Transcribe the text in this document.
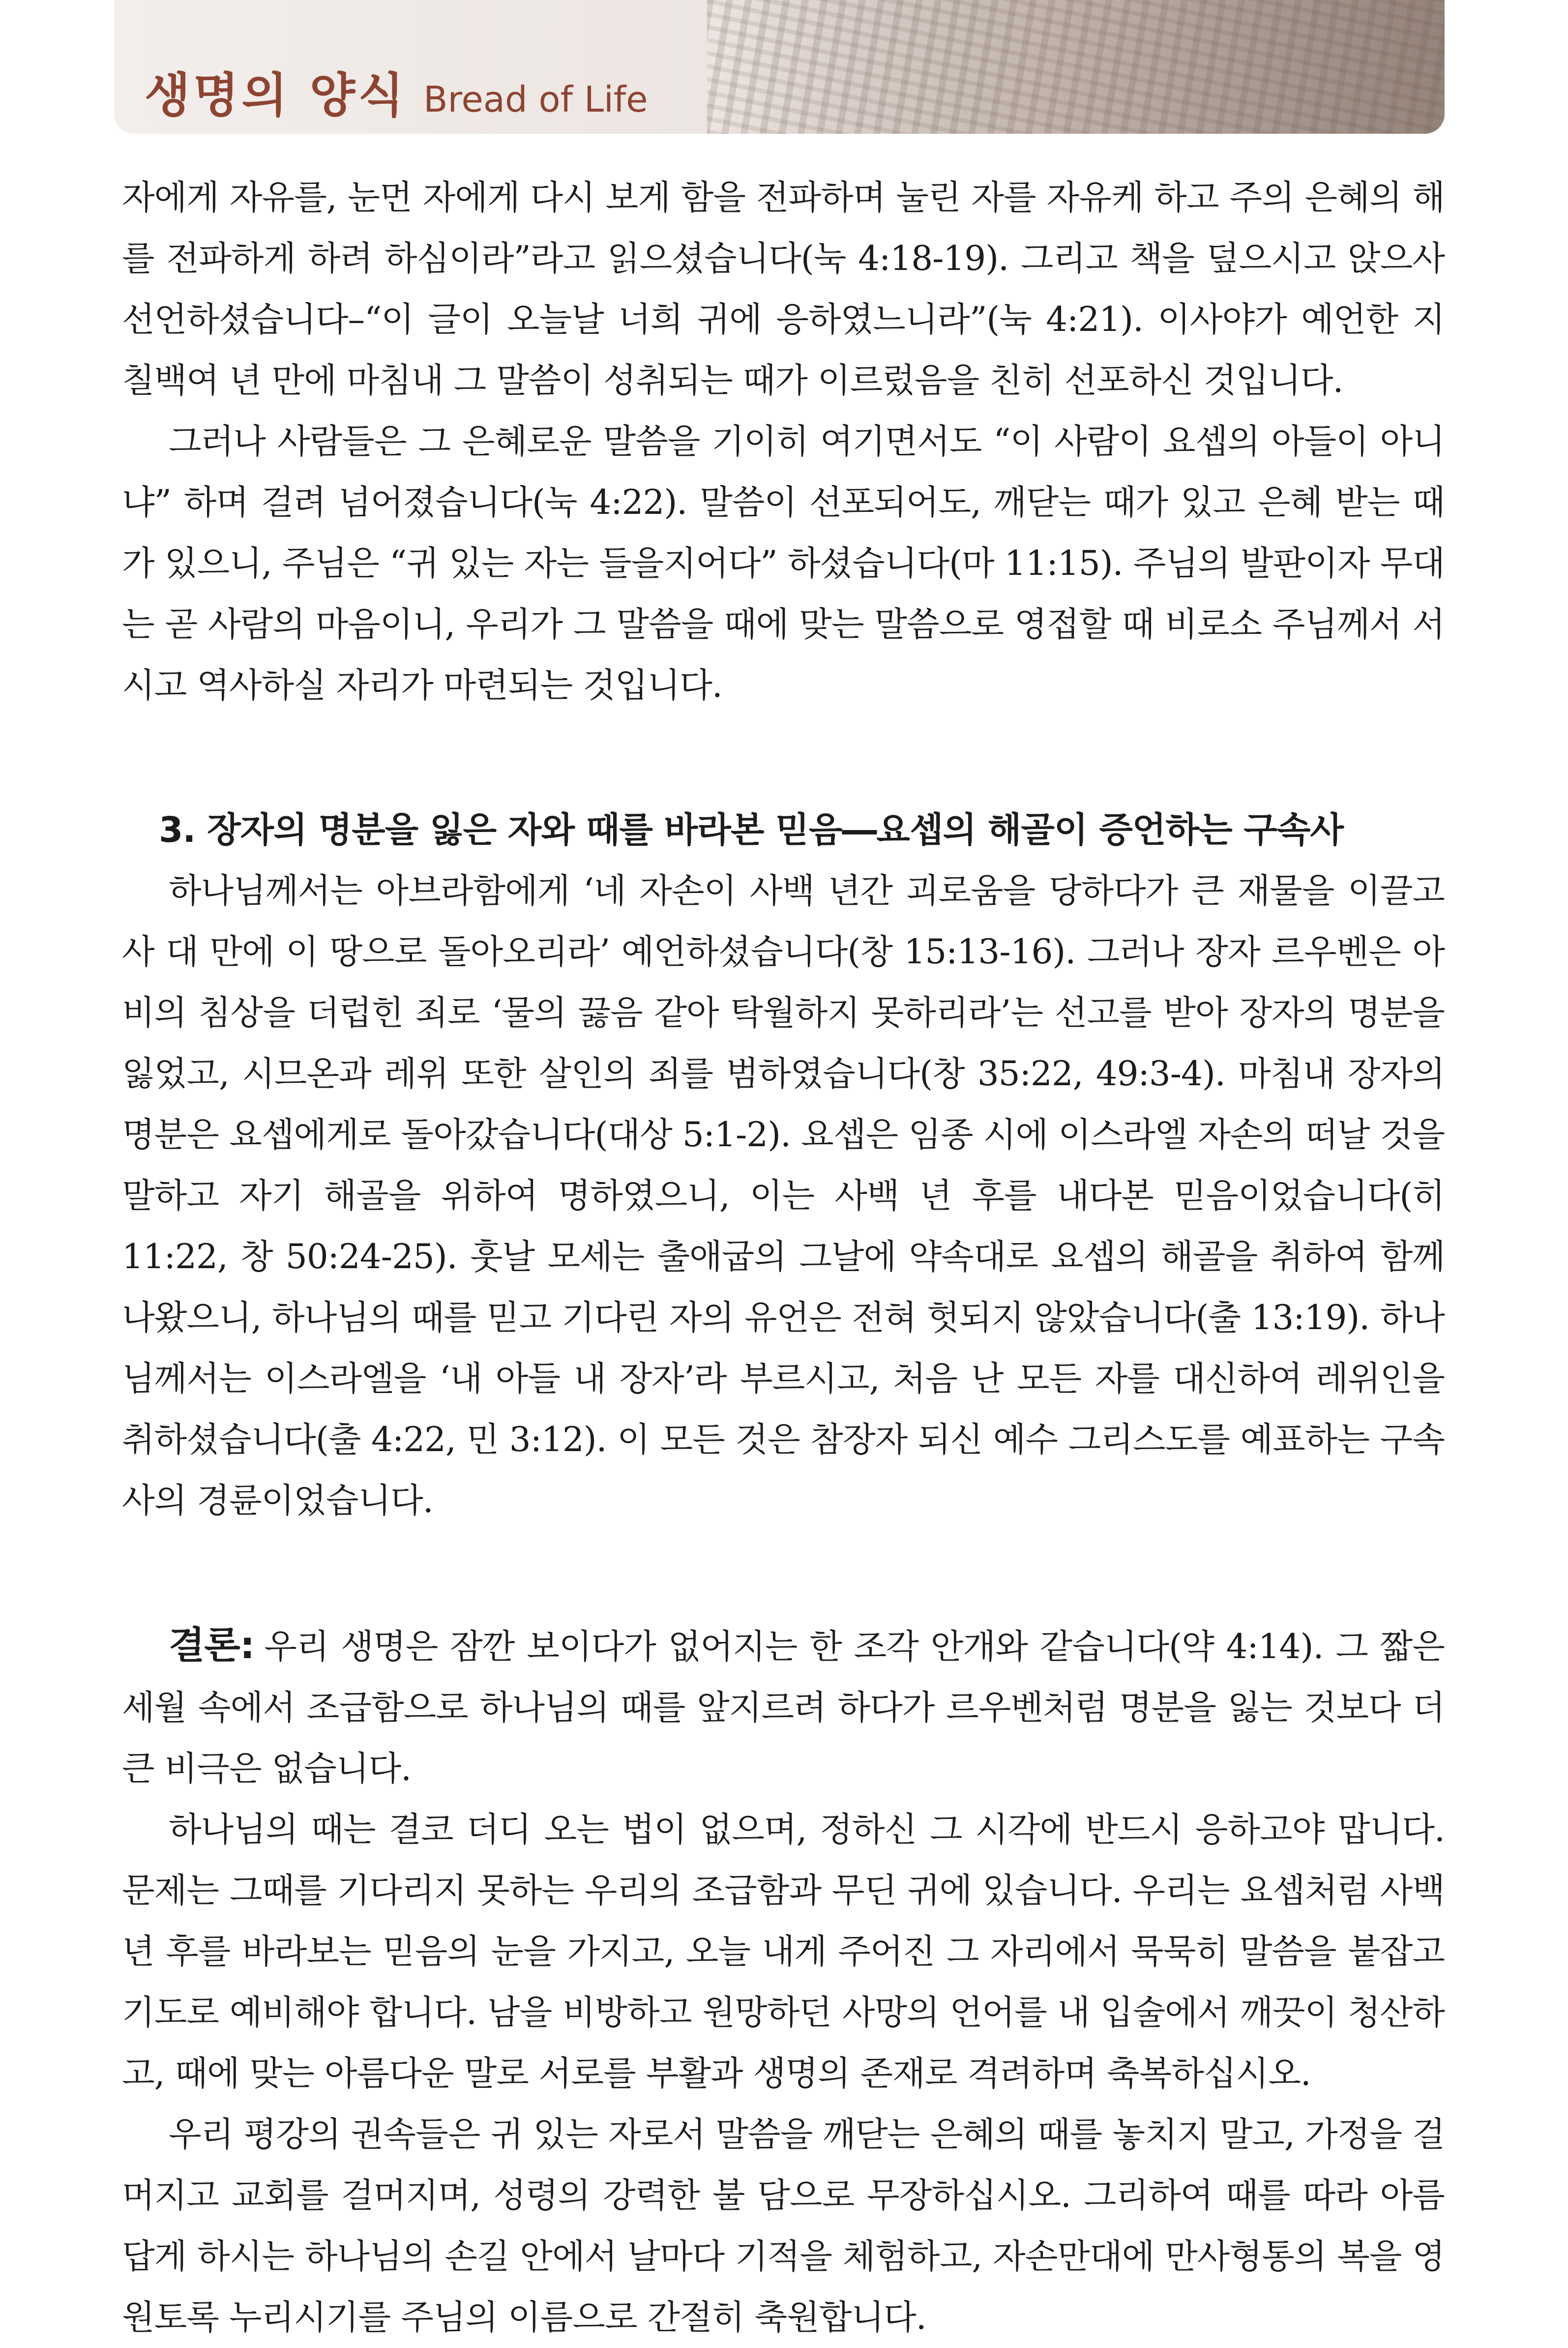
생명의 양식 Bread of Life

자에게 자유를, 눈먼 자에게 다시 보게 함을 전파하며 눌린 자를 자유케 하고 주의 은혜의 해를 전파하게 하려 하심이라”라고 읽으셨습니다(눅 4:18-19). 그리고 책을 덮으시고 앉으사 선언하셨습니다–“이 글이 오늘날 너희 귀에 응하였느니라”(눅 4:21). 이사야가 예언한 지 칠백여 년 만에 마침내 그 말씀이 성취되는 때가 이르렀음을 친히 선포하신 것입니다.

그러나 사람들은 그 은혜로운 말씀을 기이히 여기면서도 “이 사람이 요셉의 아들이 아니냐” 하며 걸려 넘어졌습니다(눅 4:22). 말씀이 선포되어도, 깨닫는 때가 있고 은혜 받는 때가 있으니, 주님은 “귀 있는 자는 들을지어다” 하셨습니다(마 11:15). 주님의 발판이자 무대는 곧 사람의 마음이니, 우리가 그 말씀을 때에 맞는 말씀으로 영접할 때 비로소 주님께서 서시고 역사하실 자리가 마련되는 것입니다.

3. 장자의 명분을 잃은 자와 때를 바라본 믿음―요셉의 해골이 증언하는 구속사

하나님께서는 아브라함에게 ‘네 자손이 사백 년간 괴로움을 당하다가 큰 재물을 이끌고 사 대 만에 이 땅으로 돌아오리라’ 예언하셨습니다(창 15:13-16). 그러나 장자 르우벤은 아비의 침상을 더럽힌 죄로 ‘물의 끓음 같아 탁월하지 못하리라’는 선고를 받아 장자의 명분을 잃었고, 시므온과 레위 또한 살인의 죄를 범하였습니다(창 35:22, 49:3-4). 마침내 장자의 명분은 요셉에게로 돌아갔습니다(대상 5:1-2). 요셉은 임종 시에 이스라엘 자손의 떠날 것을 말하고 자기 해골을 위하여 명하였으니, 이는 사백 년 후를 내다본 믿음이었습니다(히 11:22, 창 50:24-25). 훗날 모세는 출애굽의 그날에 약속대로 요셉의 해골을 취하여 함께 나왔으니, 하나님의 때를 믿고 기다린 자의 유언은 전혀 헛되지 않았습니다(출 13:19). 하나님께서는 이스라엘을 ‘내 아들 내 장자’라 부르시고, 처음 난 모든 자를 대신하여 레위인을 취하셨습니다(출 4:22, 민 3:12). 이 모든 것은 참장자 되신 예수 그리스도를 예표하는 구속사의 경륜이었습니다.

결론: 우리 생명은 잠깐 보이다가 없어지는 한 조각 안개와 같습니다(약 4:14). 그 짧은 세월 속에서 조급함으로 하나님의 때를 앞지르려 하다가 르우벤처럼 명분을 잃는 것보다 더 큰 비극은 없습니다.

하나님의 때는 결코 더디 오는 법이 없으며, 정하신 그 시각에 반드시 응하고야 맙니다. 문제는 그때를 기다리지 못하는 우리의 조급함과 무딘 귀에 있습니다. 우리는 요셉처럼 사백 년 후를 바라보는 믿음의 눈을 가지고, 오늘 내게 주어진 그 자리에서 묵묵히 말씀을 붙잡고 기도로 예비해야 합니다. 남을 비방하고 원망하던 사망의 언어를 내 입술에서 깨끗이 청산하고, 때에 맞는 아름다운 말로 서로를 부활과 생명의 존재로 격려하며 축복하십시오.

우리 평강의 권속들은 귀 있는 자로서 말씀을 깨닫는 은혜의 때를 놓치지 말고, 가정을 걸머지고 교회를 걸머지며, 성령의 강력한 불 담으로 무장하십시오. 그리하여 때를 따라 아름답게 하시는 하나님의 손길 안에서 날마다 기적을 체험하고, 자손만대에 만사형통의 복을 영원토록 누리시기를 주님의 이름으로 간절히 축원합니다.
